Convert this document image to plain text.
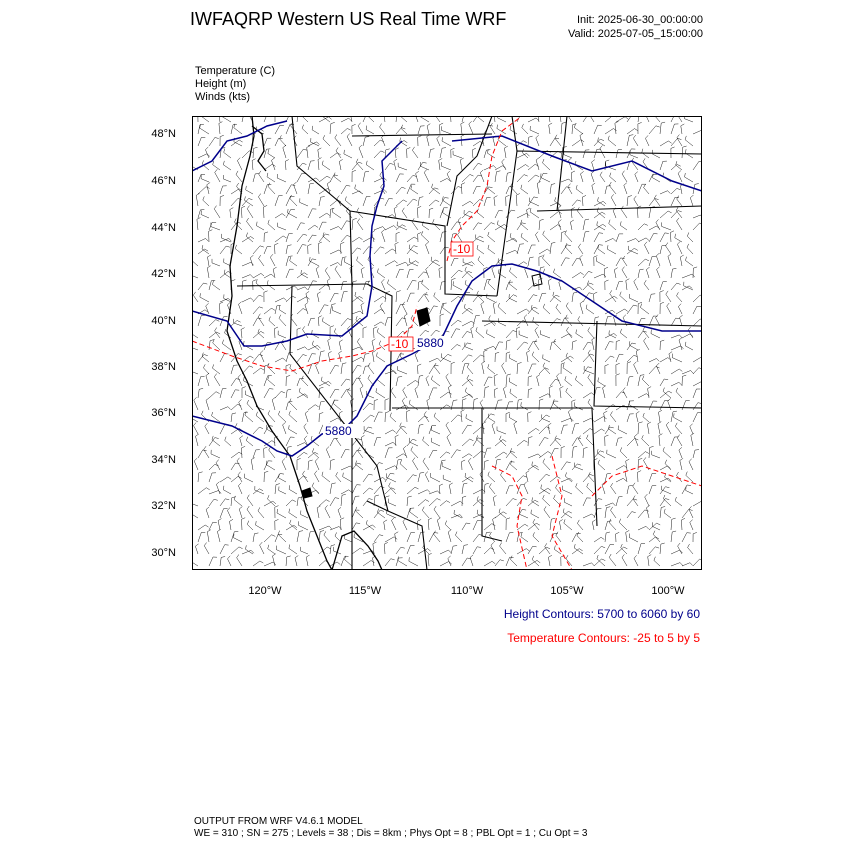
IWFAQRP Western US Real Time WRF	Init: 2025-06-30_00:00:00
Valid: 2025-07-05_15:00:00
Temperature (C)
Height (m)
Winds (kts)
48°N
46°N
44°N
42°N
40°N
38°N
36°N
34°N
32°N
30°N
120°W	115°W	110°W	105°W	100°W
5880
5880
-10
-10
Height Contours: 5700 to 6060 by 60
Temperature Contours: -25 to 5 by 5
OUTPUT FROM WRF V4.6.1 MODEL
WE = 310 ; SN = 275 ; Levels = 38 ; Dis = 8km ; Phys Opt = 8 ; PBL Opt = 1 ; Cu Opt = 3
